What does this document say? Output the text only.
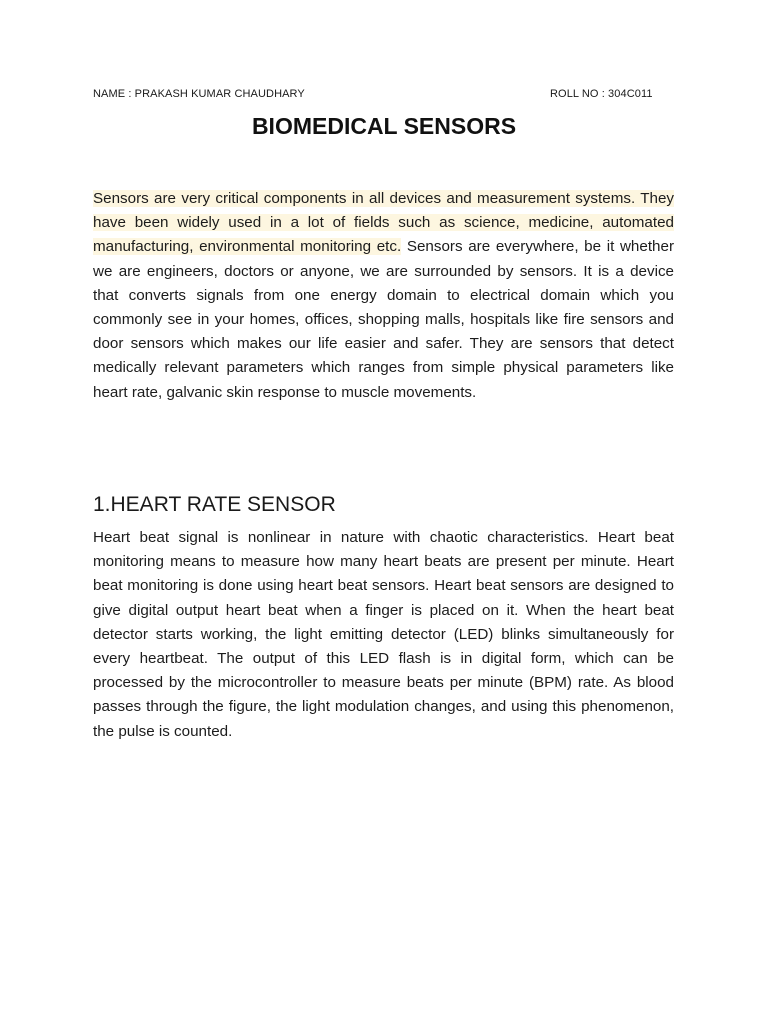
NAME : PRAKASH KUMAR CHAUDHARY	ROLL NO : 304C011
BIOMEDICAL SENSORS

Sensors are very critical components in all devices and measurement systems. They have been widely used in a lot of fields such as science, medicine, automated manufacturing, environmental monitoring etc. Sensors are everywhere, be it whether we are engineers, doctors or anyone, we are surrounded by sensors. It is a device that converts signals from one energy domain to electrical domain which you commonly see in your homes, offices, shopping malls, hospitals like fire sensors and door sensors which makes our life easier and safer. They are sensors that detect medically relevant parameters which ranges from simple physical parameters like heart rate, galvanic skin response to muscle movements.

1.HEART RATE SENSOR

Heart beat signal is nonlinear in nature with chaotic characteristics. Heart beat monitoring means to measure how many heart beats are present per minute. Heart beat monitoring is done using heart beat sensors. Heart beat sensors are designed to give digital output heart beat when a finger is placed on it. When the heart beat detector starts working, the light emitting detector (LED) blinks simultaneously for every heartbeat. The output of this LED flash is in digital form, which can be processed by the microcontroller to measure beats per minute (BPM) rate. As blood passes through the figure, the light modulation changes, and using this phenomenon, the pulse is counted.
